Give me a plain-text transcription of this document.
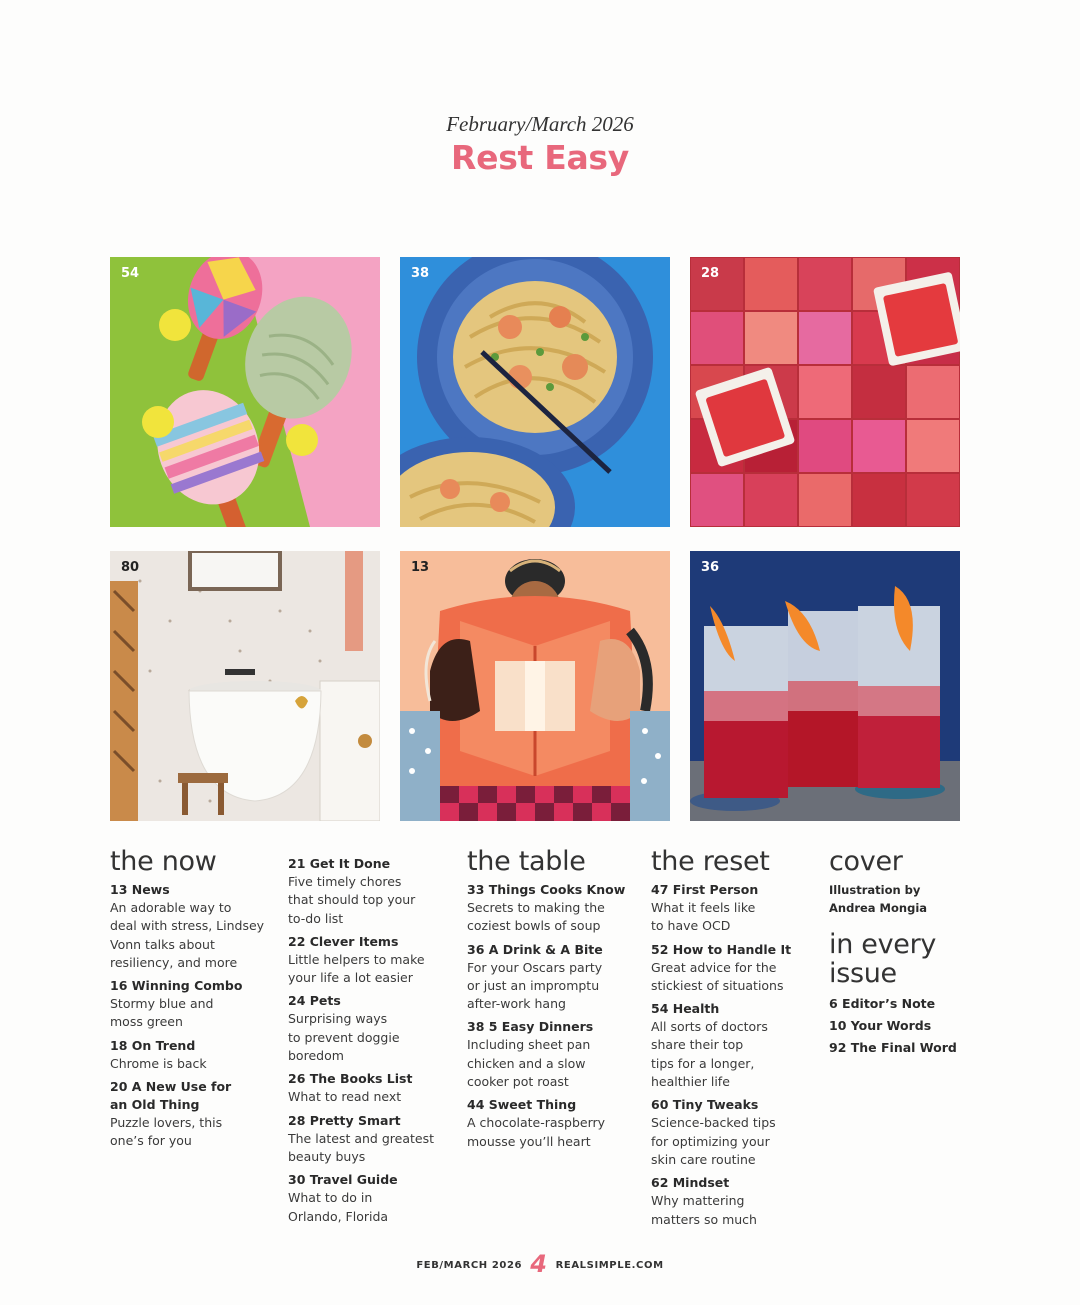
February/March 2026
Rest Easy
54	38	28
80	13	36
the now
13 News
An adorable way to
deal with stress, Lindsey
Vonn talks about
resiliency, and more
16 Winning Combo
Stormy blue and
moss green
18 On Trend
Chrome is back
20 A New Use for
an Old Thing
Puzzle lovers, this
one’s for you
21 Get It Done
Five timely chores
that should top your
to-do list
22 Clever Items
Little helpers to make
your life a lot easier
24 Pets
Surprising ways
to prevent doggie
boredom
26 The Books List
What to read next
28 Pretty Smart
The latest and greatest
beauty buys
30 Travel Guide
What to do in
Orlando, Florida
the table
33 Things Cooks Know
Secrets to making the
coziest bowls of soup
36 A Drink & A Bite
For your Oscars party
or just an impromptu
after-work hang
38 5 Easy Dinners
Including sheet pan
chicken and a slow
cooker pot roast
44 Sweet Thing
A chocolate-raspberry
mousse you’ll heart
the reset
47 First Person
What it feels like
to have OCD
52 How to Handle It
Great advice for the
stickiest of situations
54 Health
All sorts of doctors
share their top
tips for a longer,
healthier life
60 Tiny Tweaks
Science-backed tips
for optimizing your
skin care routine
62 Mindset
Why mattering
matters so much
cover
Illustration by
Andrea Mongia
in every
issue
6 Editor’s Note
10 Your Words
92 The Final Word
FEB/MARCH 2026 4 REALSIMPLE.COM
